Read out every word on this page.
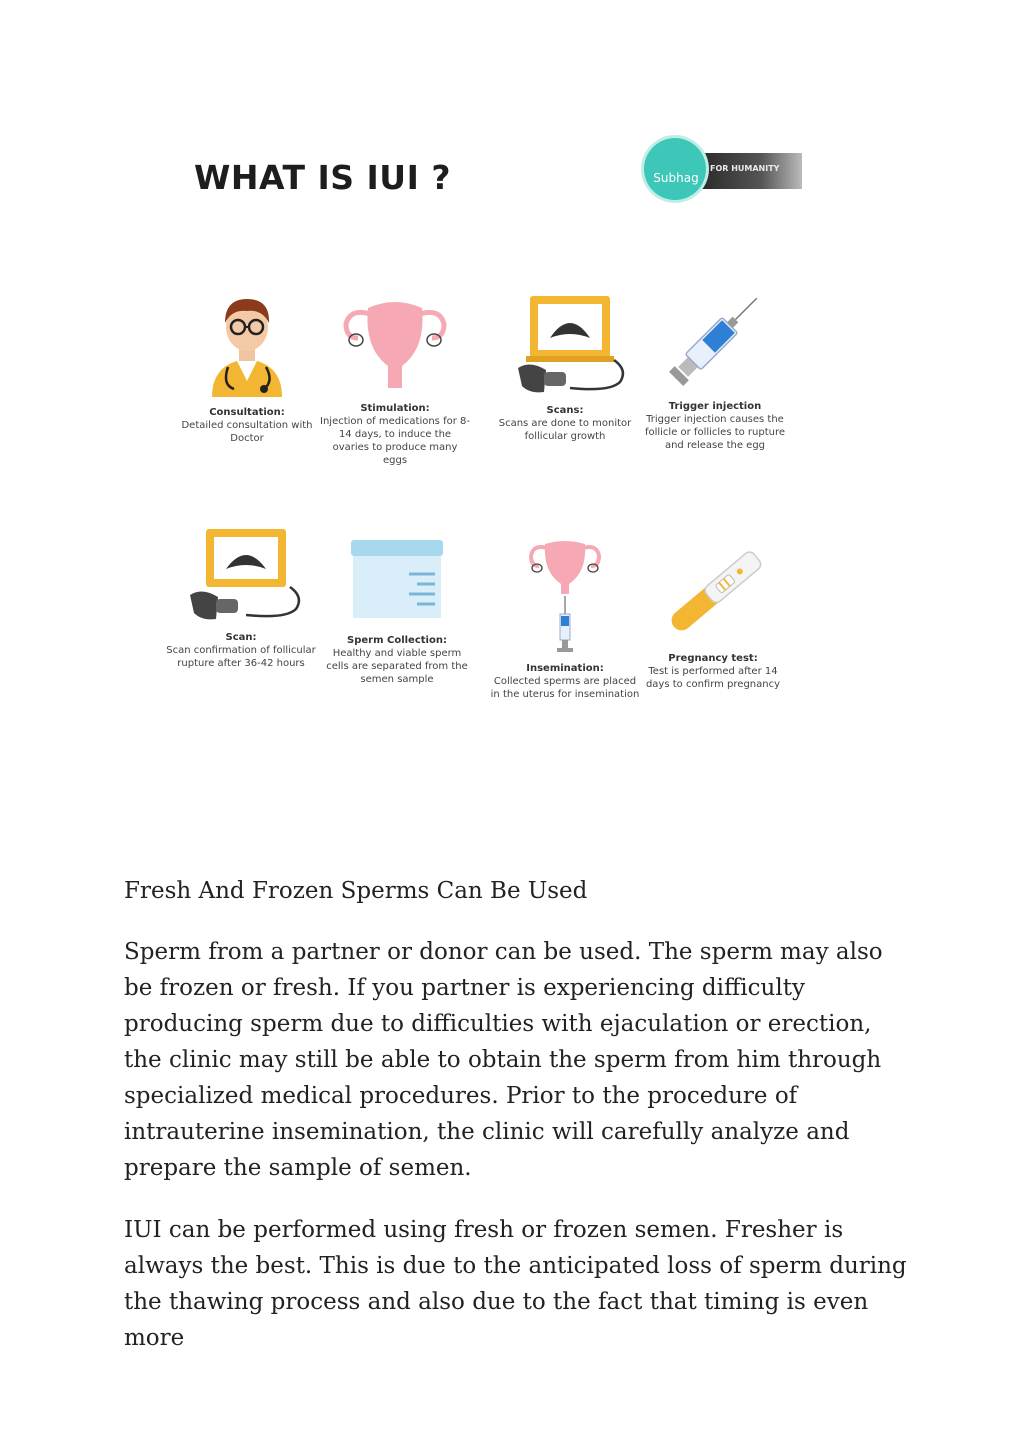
WHAT IS IUI ?	FOR HUMANITY
Subhag
Consultation:
Detailed consultation with Doctor
Stimulation:
Injection of medications for 8-14 days, to induce the ovaries to produce many eggs
Scans:
Scans are done to monitor follicular growth
Trigger injection
Trigger injection causes the follicle or follicles to rupture and release the egg
Scan:
Scan confirmation of follicular rupture after 36-42 hours
Sperm Collection:
Healthy and viable sperm cells are separated from the semen sample
Insemination:
Collected sperms are placed in the uterus for insemination
Pregnancy test:
Test is performed after 14 days to confirm pregnancy
Fresh And Frozen Sperms Can Be Used

Sperm from a partner or donor can be used. The sperm may also be frozen or fresh. If you partner is experiencing difficulty producing sperm due to difficulties with ejaculation or erection, the clinic may still be able to obtain the sperm from him through specialized medical procedures. Prior to the procedure of intrauterine insemination, the clinic will carefully analyze and prepare the sample of semen.

IUI can be performed using fresh or frozen semen. Fresher is always the best. This is due to the anticipated loss of sperm during the thawing process and also due to the fact that timing is even more
